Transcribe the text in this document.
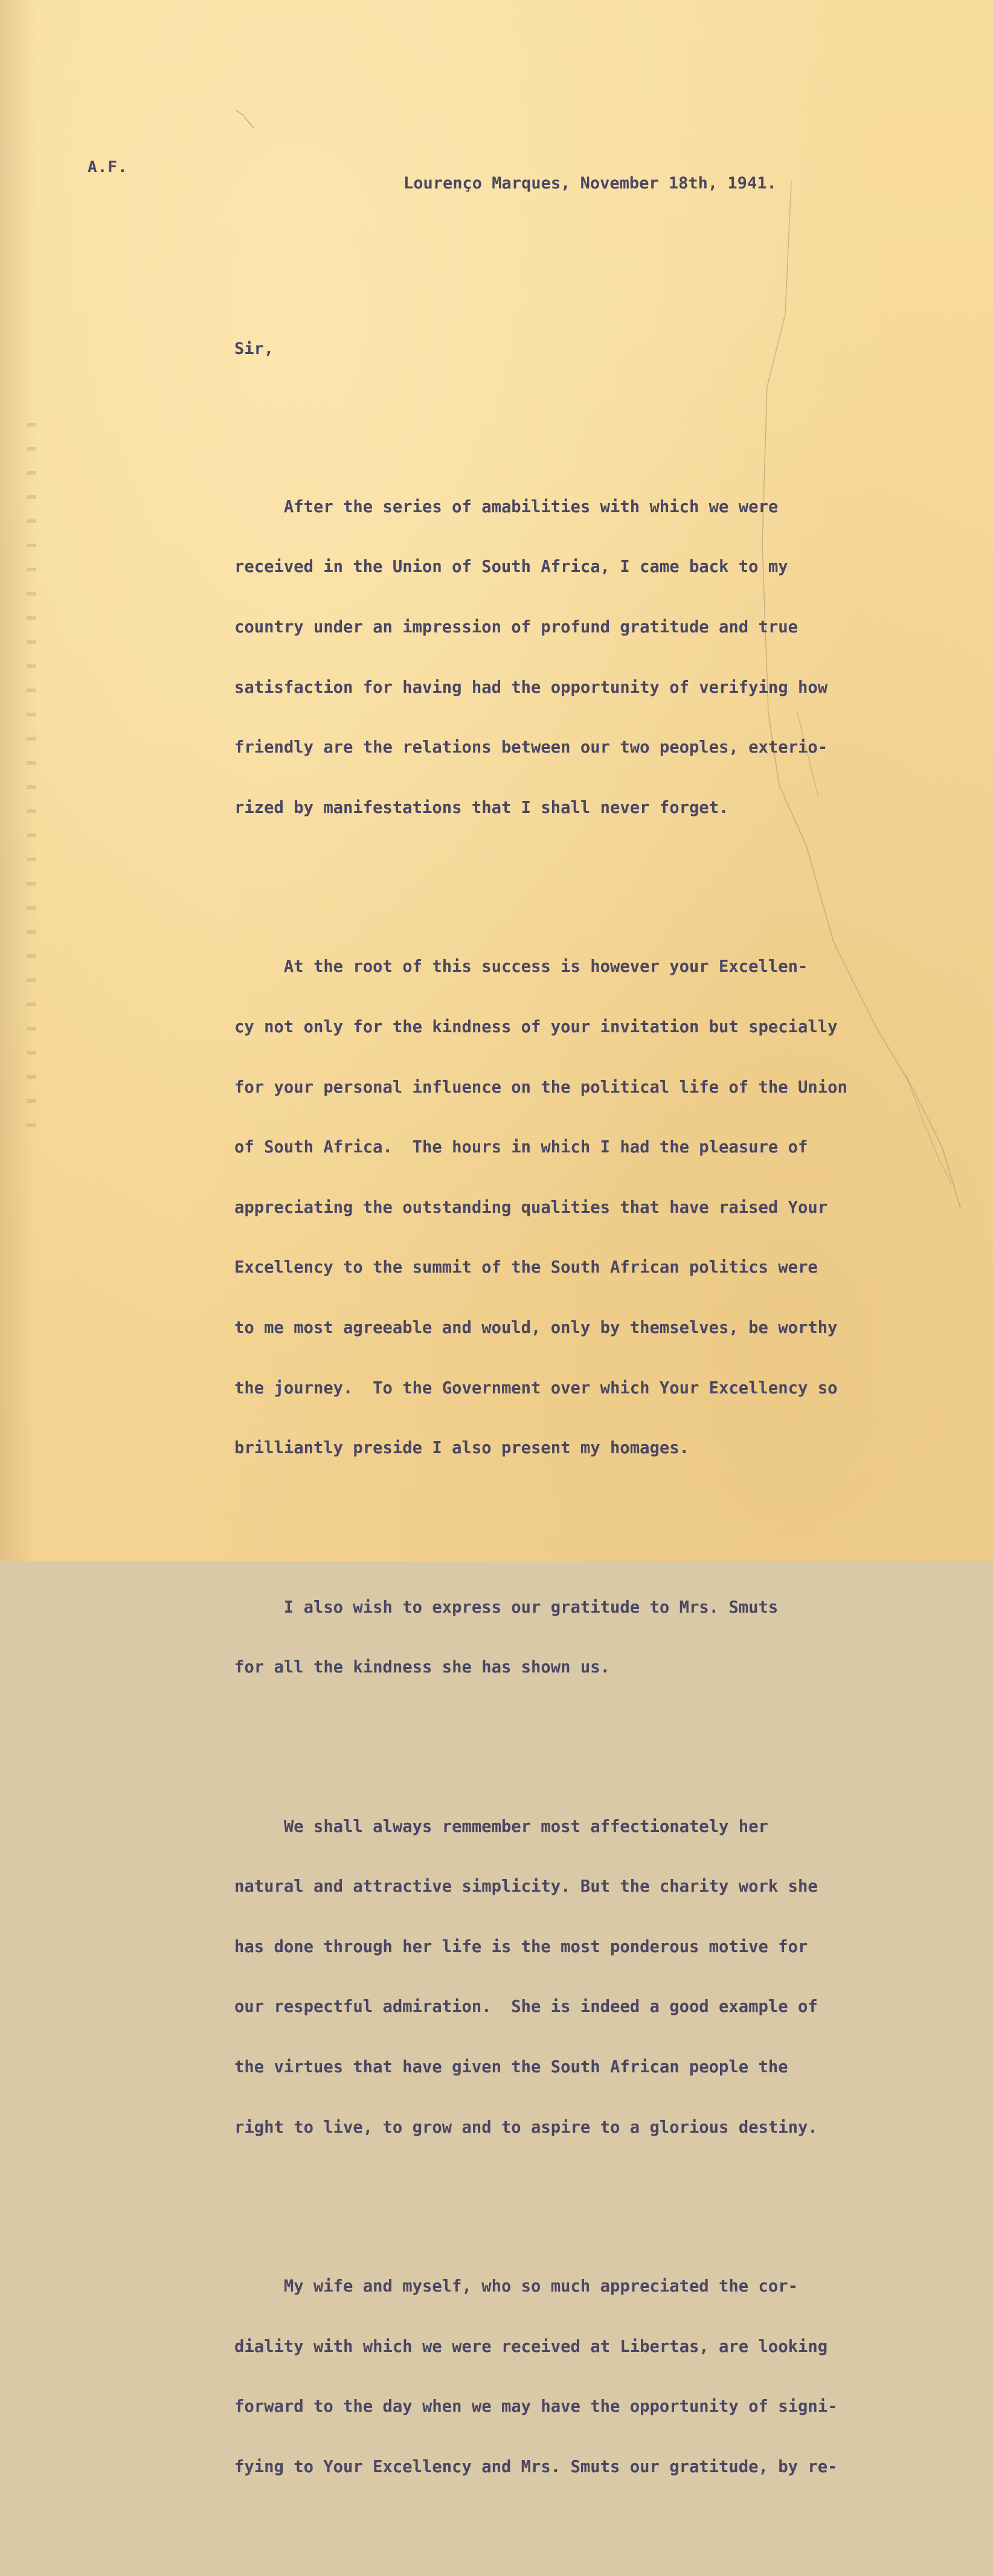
A.F.
Lourenço Marques, November 18th, 1941.
Sir,

After the series of amabilities with which we were

received in the Union of South Africa, I came back to my

country under an impression of profund gratitude and true

satisfaction for having had the opportunity of verifying how

friendly are the relations between our two peoples, exterio-

rized by manifestations that I shall never forget.

At the root of this success is however your Excellen-

cy not only for the kindness of your invitation but specially

for your personal influence on the political life of the Union

of South Africa.  The hours in which I had the pleasure of

appreciating the outstanding qualities that have raised Your

Excellency to the summit of the South African politics were

to me most agreeable and would, only by themselves, be worthy

the journey.  To the Government over which Your Excellency so

brilliantly preside I also present my homages.

I also wish to express our gratitude to Mrs. Smuts

for all the kindness she has shown us.

We shall always remmember most affectionately her

natural and attractive simplicity. But the charity work she

has done through her life is the most ponderous motive for

our respectful admiration.  She is indeed a good example of

the virtues that have given the South African people the

right to live, to grow and to aspire to a glorious destiny.

My wife and myself, who so much appreciated the cor-

diality with which we were received at Libertas, are looking

forward to the day when we may have the opportunity of signi-

fying to Your Excellency and Mrs. Smuts our gratitude, by re-
